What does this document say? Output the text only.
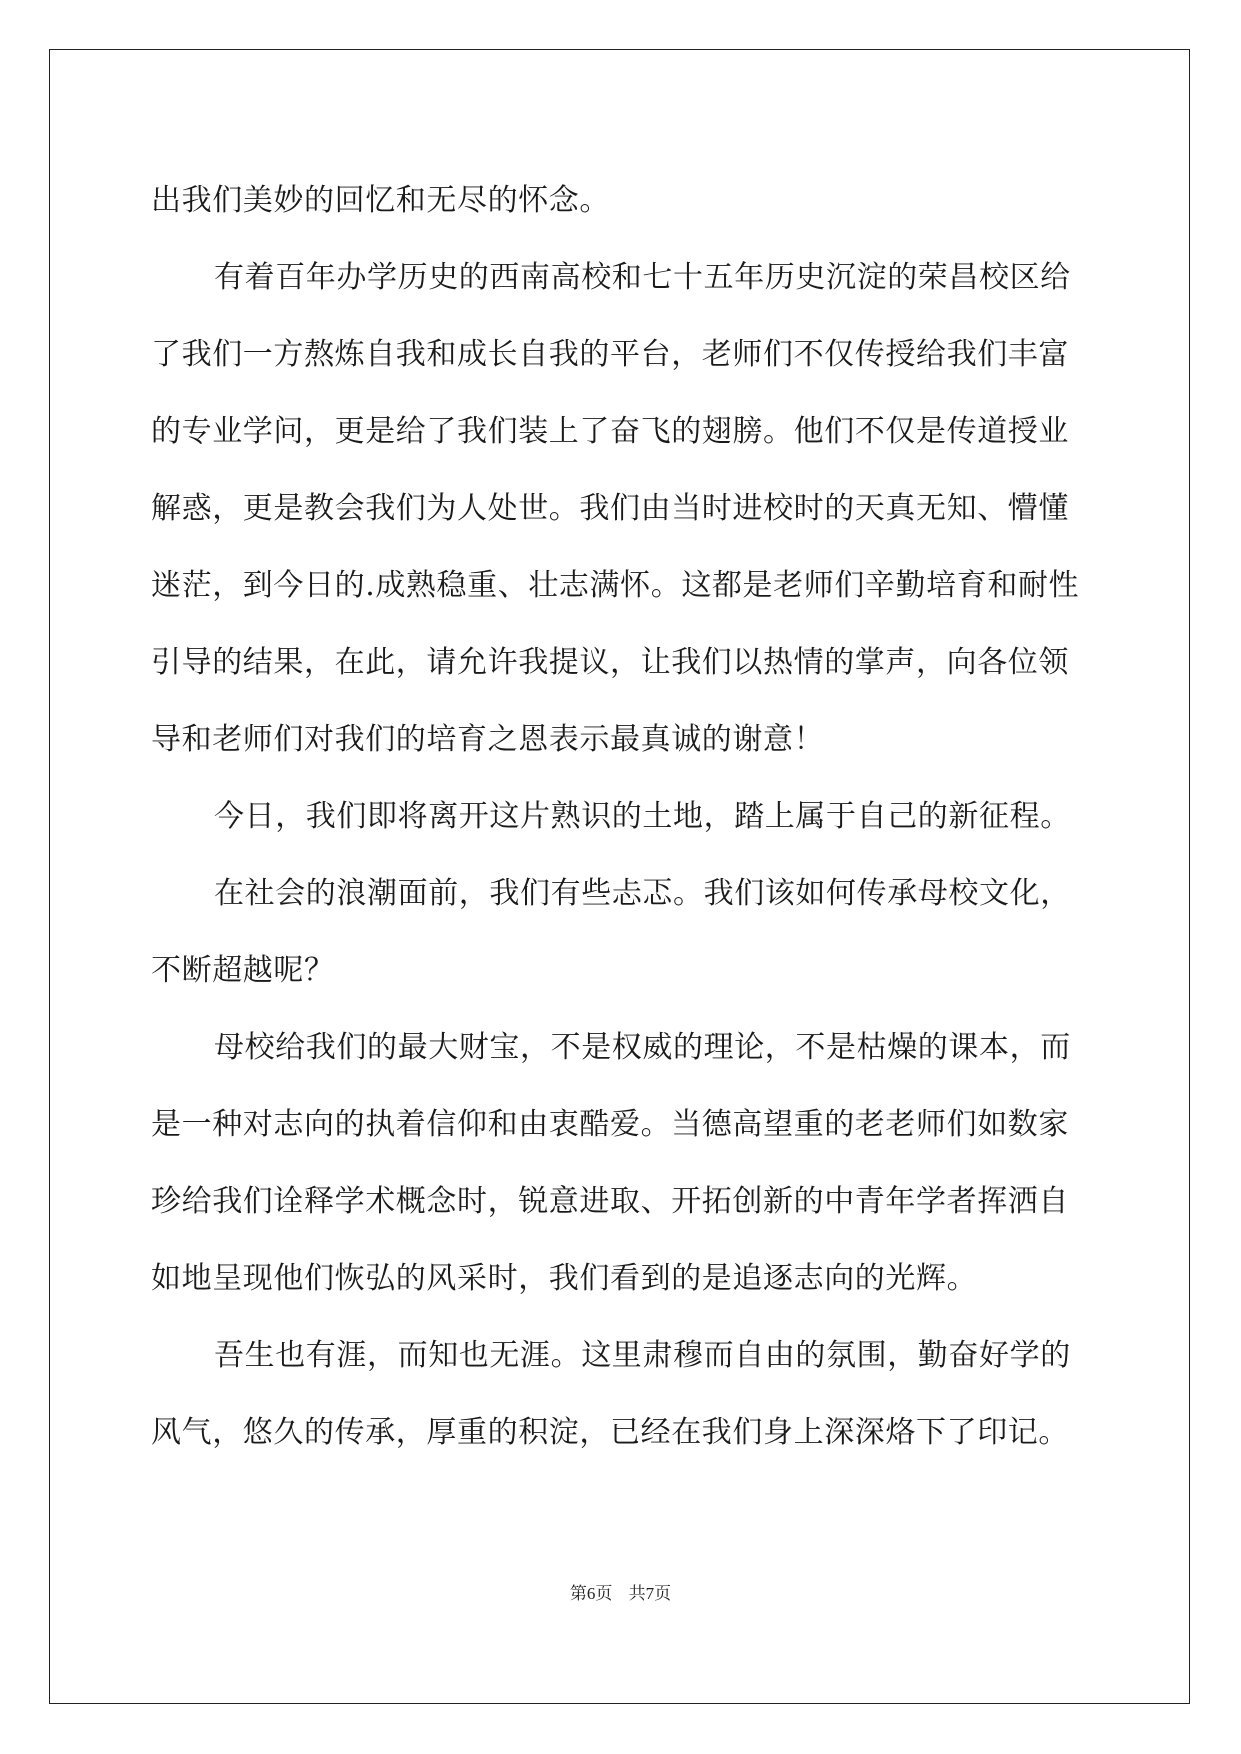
出我们美妙的回忆和无尽的怀念。
有着百年办学历史的西南高校和七十五年历史沉淀的荣昌校区给
了我们一方熬炼自我和成长自我的平台，老师们不仅传授给我们丰富
的专业学问，更是给了我们装上了奋飞的翅膀。他们不仅是传道授业
解惑，更是教会我们为人处世。我们由当时进校时的天真无知、懵懂
迷茫，到今日的.成熟稳重、壮志满怀。这都是老师们辛勤培育和耐性
引导的结果，在此，请允许我提议，让我们以热情的掌声，向各位领
导和老师们对我们的培育之恩表示最真诚的谢意！
今日，我们即将离开这片熟识的土地，踏上属于自己的新征程。
在社会的浪潮面前，我们有些忐忑。我们该如何传承母校文化，
不断超越呢？
母校给我们的最大财宝，不是权威的理论，不是枯燥的课本，而
是一种对志向的执着信仰和由衷酷爱。当德高望重的老老师们如数家
珍给我们诠释学术概念时，锐意进取、开拓创新的中青年学者挥洒自
如地呈现他们恢弘的风采时，我们看到的是追逐志向的光辉。
吾生也有涯，而知也无涯。这里肃穆而自由的氛围，勤奋好学的
风气，悠久的传承，厚重的积淀，已经在我们身上深深烙下了印记。
第6页   共7页
